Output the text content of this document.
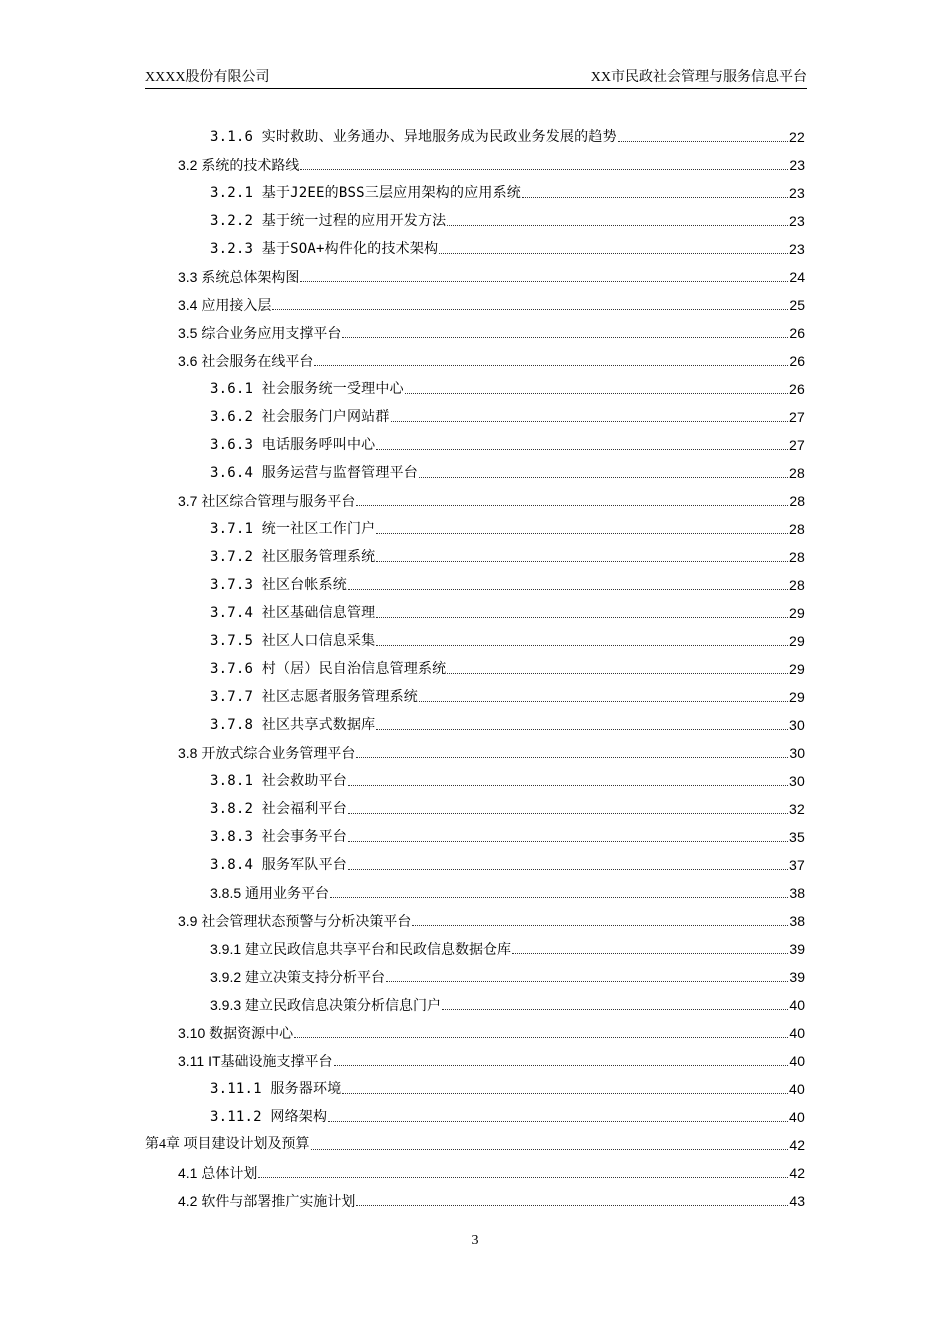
XXXX股份有限公司	XX市民政社会管理与服务信息平台
3.1.6 实时救助、业务通办、异地服务成为民政业务发展的趋势	22
3.2 系统的技术路线	23
3.2.1 基于J2EE的BSS三层应用架构的应用系统	23
3.2.2 基于统一过程的应用开发方法	23
3.2.3 基于SOA+构件化的技术架构	23
3.3 系统总体架构图	24
3.4 应用接入层	25
3.5 综合业务应用支撑平台	26
3.6 社会服务在线平台	26
3.6.1 社会服务统一受理中心	26
3.6.2 社会服务门户网站群	27
3.6.3 电话服务呼叫中心	27
3.6.4 服务运营与监督管理平台	28
3.7 社区综合管理与服务平台	28
3.7.1 统一社区工作门户	28
3.7.2 社区服务管理系统	28
3.7.3 社区台帐系统	28
3.7.4 社区基础信息管理	29
3.7.5 社区人口信息采集	29
3.7.6 村（居）民自治信息管理系统	29
3.7.7 社区志愿者服务管理系统	29
3.7.8 社区共享式数据库	30
3.8 开放式综合业务管理平台	30
3.8.1 社会救助平台	30
3.8.2 社会福利平台	32
3.8.3 社会事务平台	35
3.8.4 服务军队平台	37
3.8.5 通用业务平台	38
3.9 社会管理状态预警与分析决策平台	38
3.9.1 建立民政信息共享平台和民政信息数据仓库	39
3.9.2 建立决策支持分析平台	39
3.9.3 建立民政信息决策分析信息门户	40
3.10 数据资源中心	40
3.11 IT基础设施支撑平台	40
3.11.1 服务器环境	40
3.11.2 网络架构	40
第4章 项目建设计划及预算	42
4.1 总体计划	42
4.2 软件与部署推广实施计划	43
3
